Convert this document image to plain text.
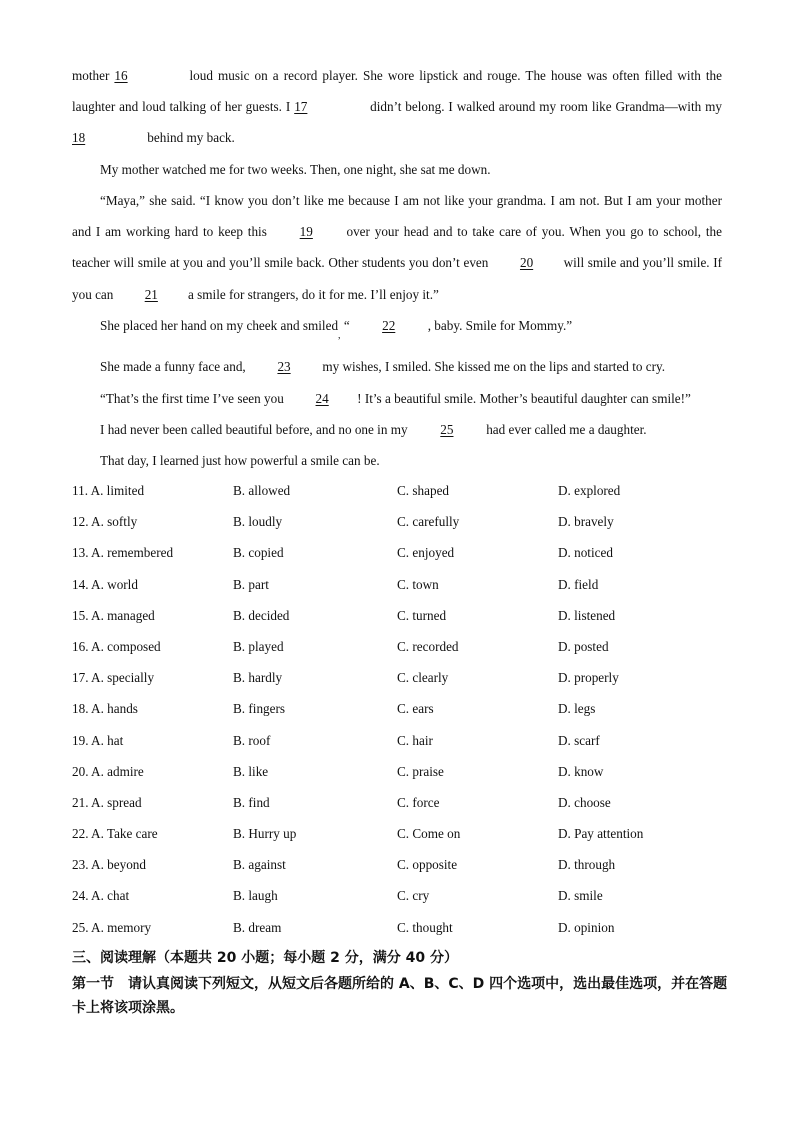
mother 16	loud music on a record player. She wore lipstick and rouge. The house was often filled with the laughter and loud talking of her guests. I 17	didn’t belong. I walked around my room like Grandma—with my 18	behind my back.

My mother watched me for two weeks. Then, one night, she sat me down.

“Maya,” she said. “I know you don’t like me because I am not like your grandma. I am not. But I am your mother and I am working hard to keep this 19 over your head and to take care of you. When you go to school, the teacher will smile at you and you’ll smile back. Other students you don’t even 20 will smile and you’ll smile. If you can 21 a smile for strangers, do it for me. I’ll enjoy it.”

She placed her hand on my cheek and smiled, “ 22 , baby. Smile for Mommy.”
She made a funny face and, 23 my wishes, I smiled. She kissed me on the lips and started to cry.
“That’s the first time I’ve seen you 24 ! It’s a beautiful smile. Mother’s beautiful daughter can smile!”
I had never been called beautiful before, and no one in my 25 had ever called me a daughter.
That day, I learned just how powerful a smile can be.
11. A. limited	B. allowed	C. shaped	D. explored
12. A. softly	B. loudly	C. carefully	D. bravely
13. A. remembered	B. copied	C. enjoyed	D. noticed
14. A. world	B. part	C. town	D. field
15. A. managed	B. decided	C. turned	D. listened
16. A. composed	B. played	C. recorded	D. posted
17. A. specially	B. hardly	C. clearly	D. properly
18. A. hands	B. fingers	C. ears	D. legs
19. A. hat	B. roof	C. hair	D. scarf
20. A. admire	B. like	C. praise	D. know
21. A. spread	B. find	C. force	D. choose
22. A. Take care	B. Hurry up	C. Come on	D. Pay attention
23. A. beyond	B. against	C. opposite	D. through
24. A. chat	B. laugh	C. cry	D. smile
25. A. memory	B. dream	C. thought	D. opinion
三、阅读理解（本题共 20 小题；每小题 2 分，满分 40 分）
第一节　请认真阅读下列短文，从短文后各题所给的 A、B、C、D 四个选项中，选出最佳选项，并在答题卡上将该项涂黑。
